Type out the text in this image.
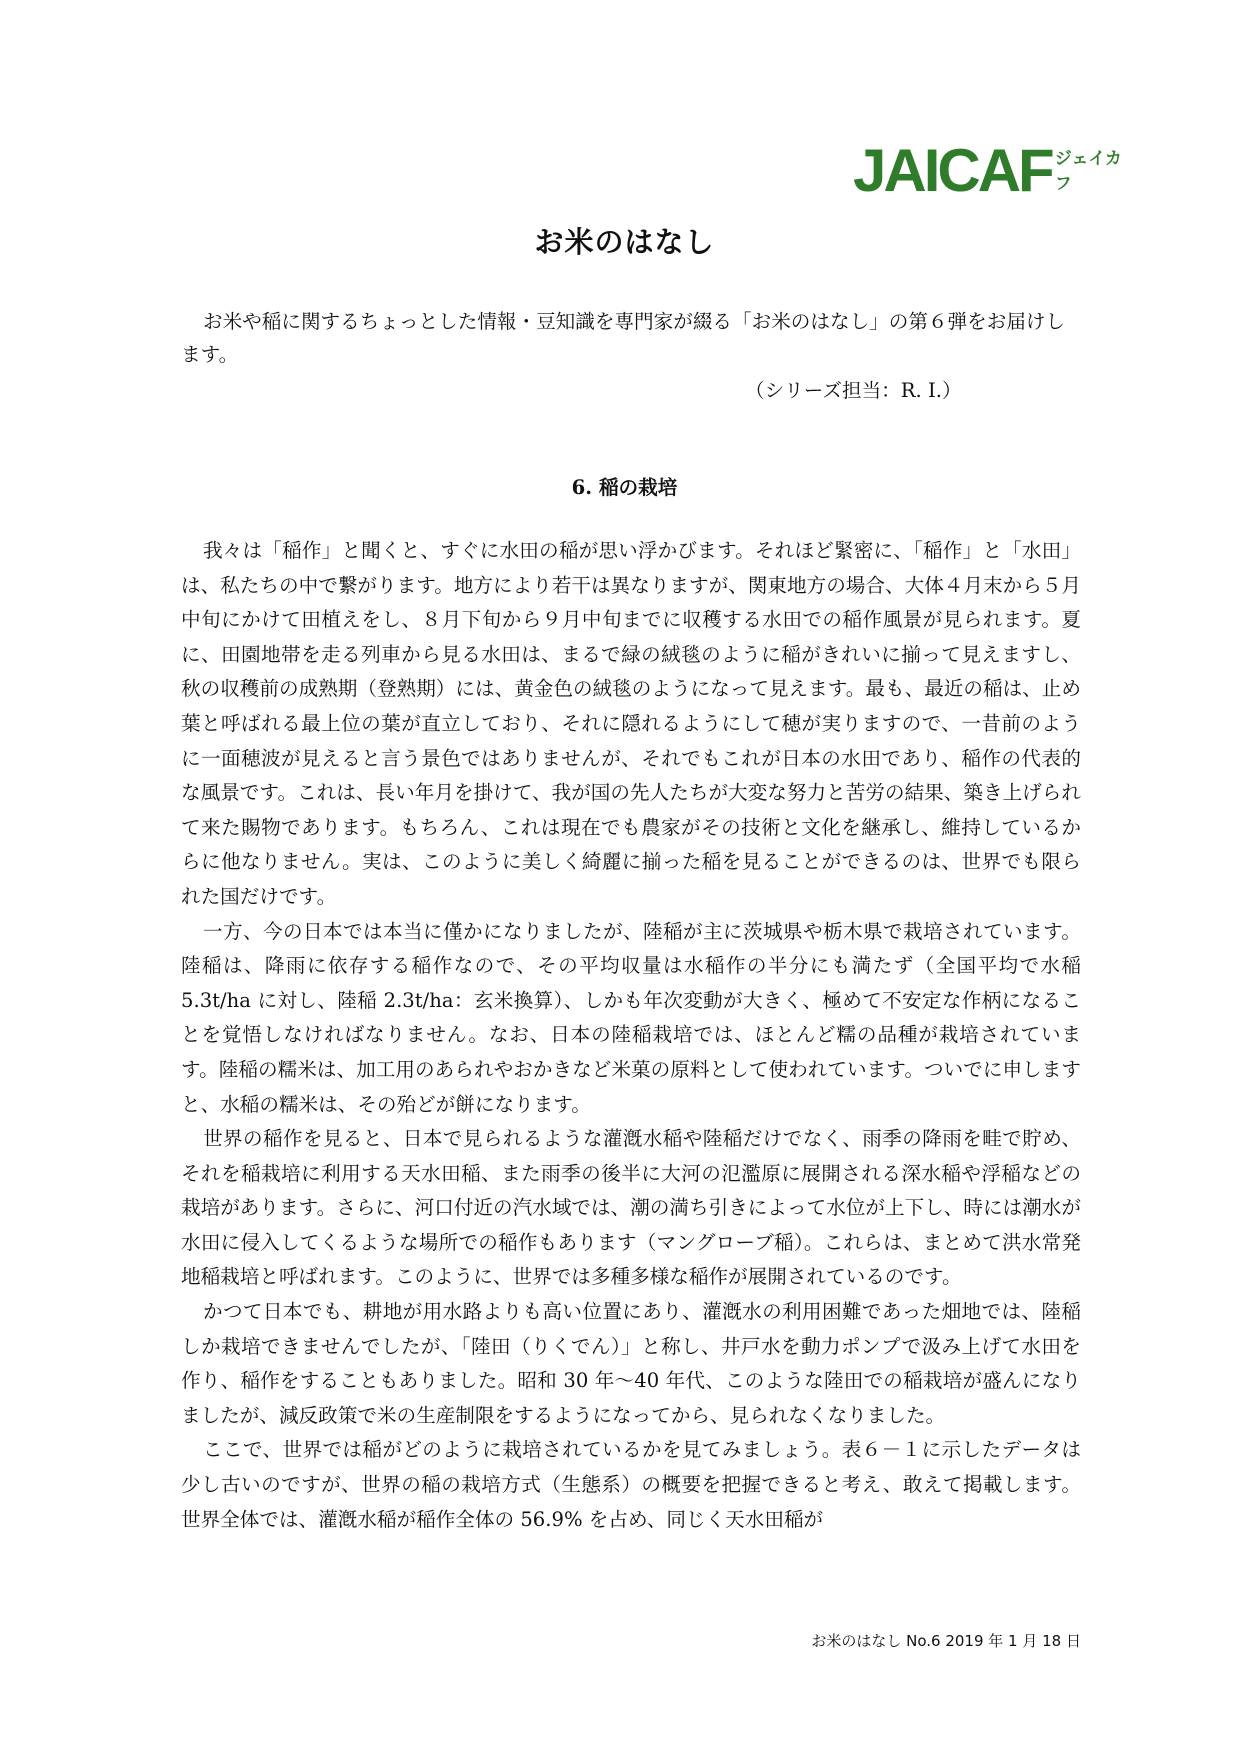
JAICAF ジェイカフ
お米のはなし
お米や稲に関するちょっとした情報・豆知識を専門家が綴る「お米のはなし」の第６弾をお届けします。
（シリーズ担当：R. I.）
6. 稲の栽培

我々は「稲作」と聞くと、すぐに水田の稲が思い浮かびます。それほど緊密に、「稲作」と「水田」は、私たちの中で繋がります。地方により若干は異なりますが、関東地方の場合、大体４月末から５月中旬にかけて田植えをし、８月下旬から９月中旬までに収穫する水田での稲作風景が見られます。夏に、田園地帯を走る列車から見る水田は、まるで緑の絨毯のように稲がきれいに揃って見えますし、秋の収穫前の成熟期（登熟期）には、黄金色の絨毯のようになって見えます。最も、最近の稲は、止め葉と呼ばれる最上位の葉が直立しており、それに隠れるようにして穂が実りますので、一昔前のように一面穂波が見えると言う景色ではありませんが、それでもこれが日本の水田であり、稲作の代表的な風景です。これは、長い年月を掛けて、我が国の先人たちが大変な努力と苦労の結果、築き上げられて来た賜物であります。もちろん、これは現在でも農家がその技術と文化を継承し、維持しているからに他なりません。実は、このように美しく綺麗に揃った稲を見ることができるのは、世界でも限られた国だけです。

一方、今の日本では本当に僅かになりましたが、陸稲が主に茨城県や栃木県で栽培されています。陸稲は、降雨に依存する稲作なので、その平均収量は水稲作の半分にも満たず（全国平均で水稲 5.3t/ha に対し、陸稲 2.3t/ha：玄米換算）、しかも年次変動が大きく、極めて不安定な作柄になることを覚悟しなければなりません。なお、日本の陸稲栽培では、ほとんど糯の品種が栽培されています。陸稲の糯米は、加工用のあられやおかきなど米菓の原料として使われています。ついでに申しますと、水稲の糯米は、その殆どが餅になります。

世界の稲作を見ると、日本で見られるような灌漑水稲や陸稲だけでなく、雨季の降雨を畦で貯め、それを稲栽培に利用する天水田稲、また雨季の後半に大河の氾濫原に展開される深水稲や浮稲などの栽培があります。さらに、河口付近の汽水域では、潮の満ち引きによって水位が上下し、時には潮水が水田に侵入してくるような場所での稲作もあります（マングローブ稲）。これらは、まとめて洪水常発地稲栽培と呼ばれます。このように、世界では多種多様な稲作が展開されているのです。

かつて日本でも、耕地が用水路よりも高い位置にあり、灌漑水の利用困難であった畑地では、陸稲しか栽培できませんでしたが、「陸田（りくでん）」と称し、井戸水を動力ポンプで汲み上げて水田を作り、稲作をすることもありました。昭和 30 年～40 年代、このような陸田での稲栽培が盛んになりましたが、減反政策で米の生産制限をするようになってから、見られなくなりました。

ここで、世界では稲がどのように栽培されているかを見てみましょう。表６－１に示したデータは少し古いのですが、世界の稲の栽培方式（生態系）の概要を把握できると考え、敢えて掲載します。世界全体では、灌漑水稲が稲作全体の 56.9% を占め、同じく天水田稲が

お米のはなし No.6 2019 年 1 月 18 日
